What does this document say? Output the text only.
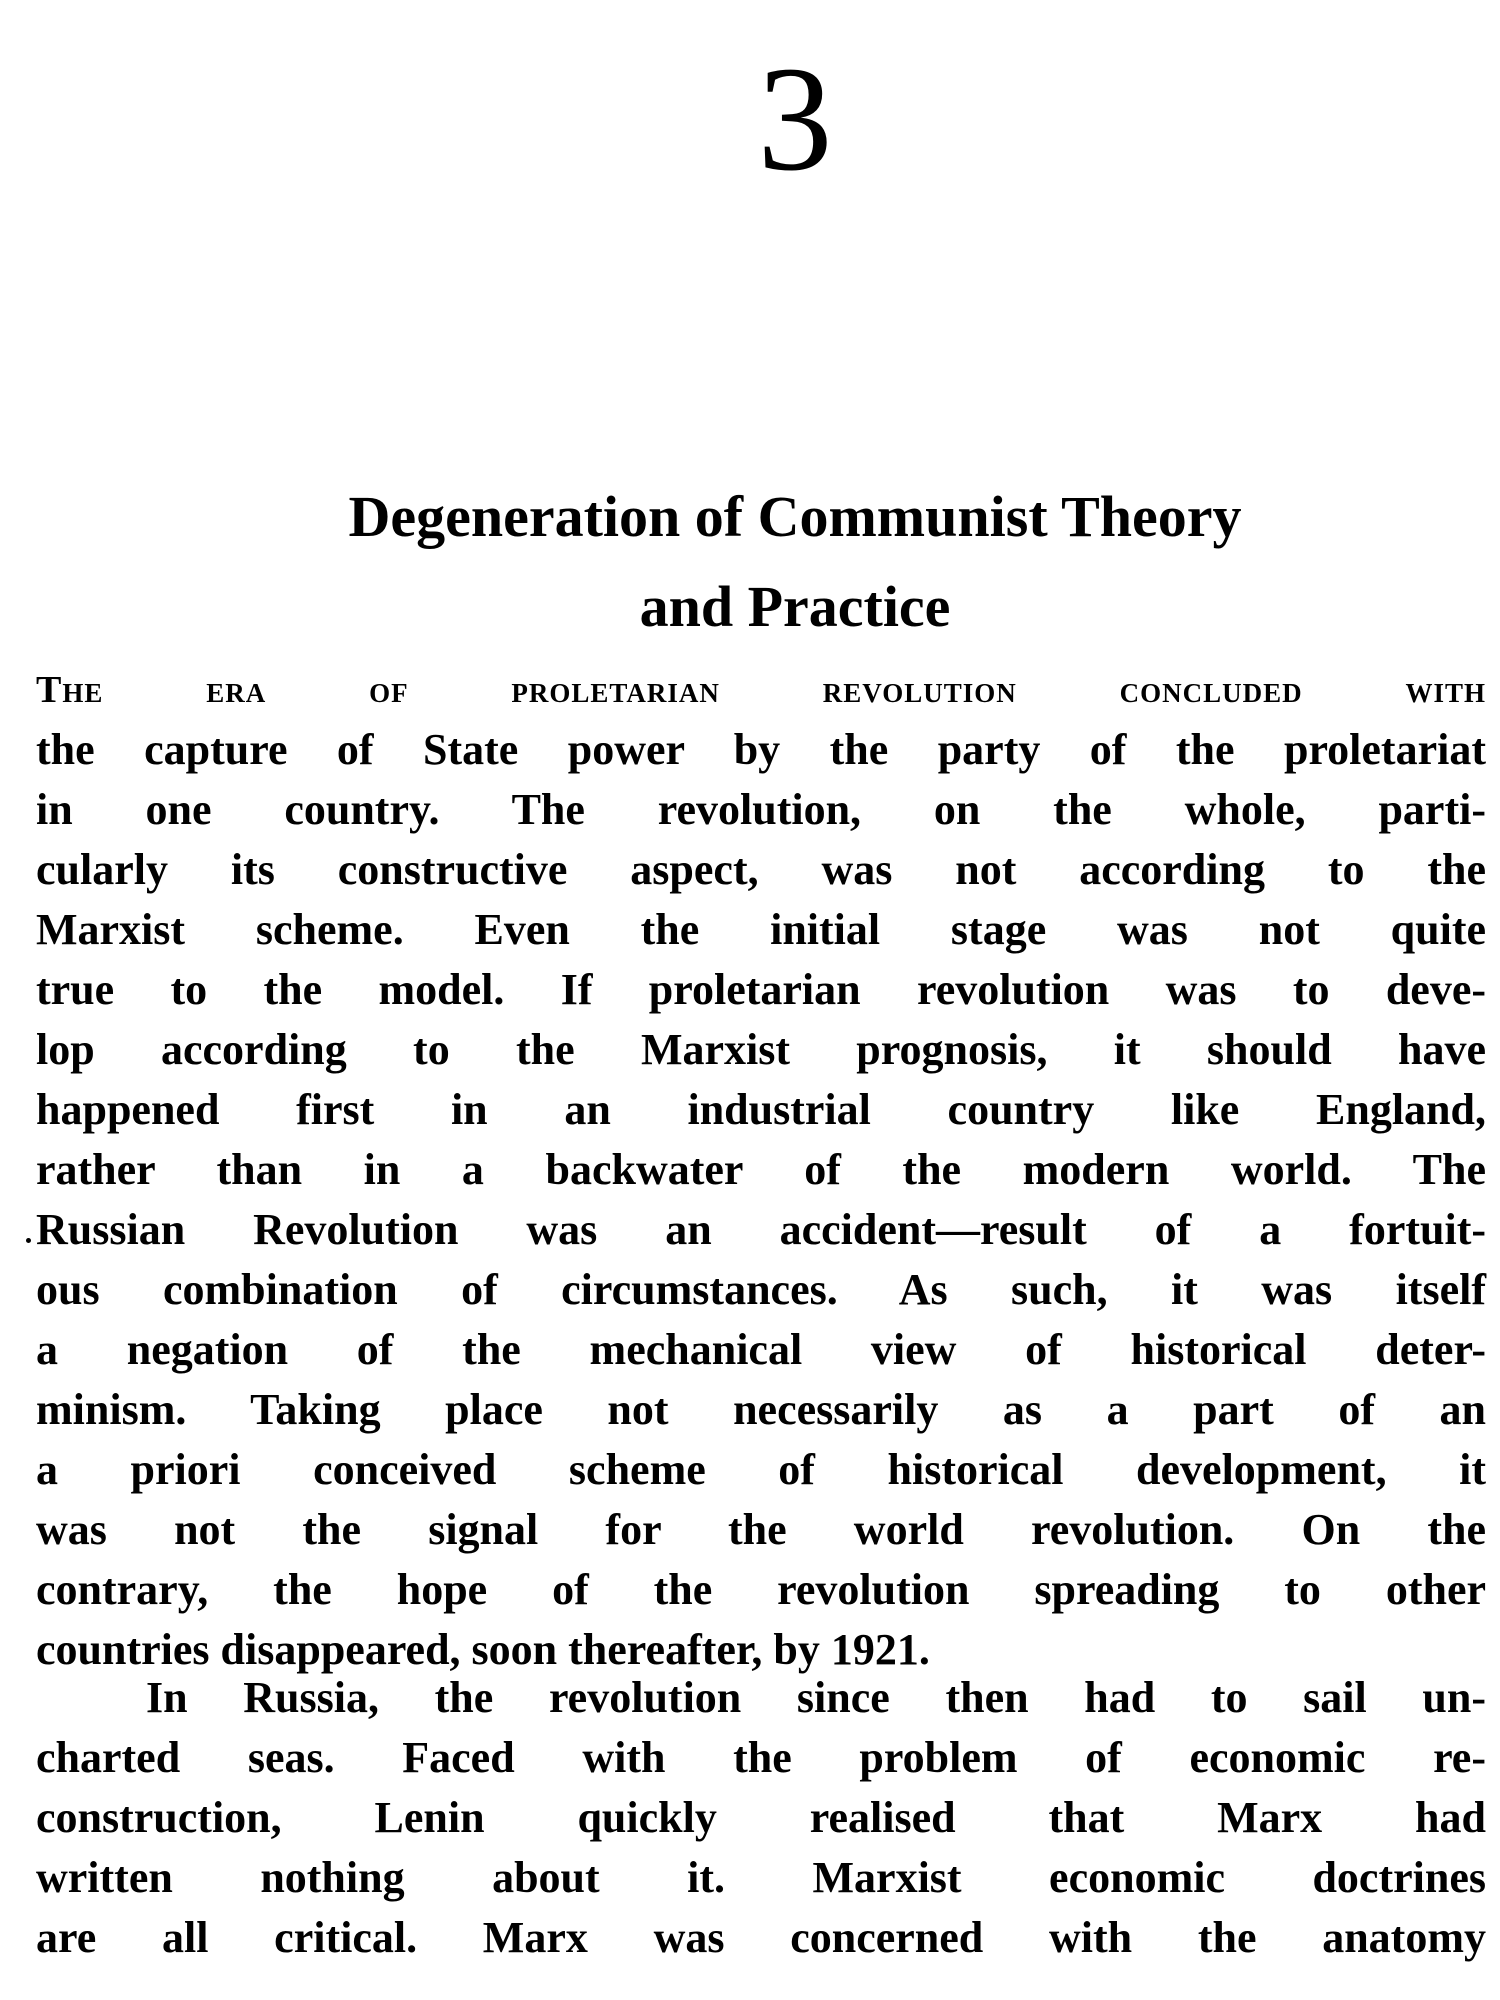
3
Degeneration of Communist Theory
and Practice
The era of proletarian revolution concluded with
the capture of State power by the party of the proletariat
in one country. The revolution, on the whole, parti-
cularly its constructive aspect, was not according to the
Marxist scheme. Even the initial stage was not quite
true to the model. If proletarian revolution was to deve-
lop according to the Marxist prognosis, it should have
happened first in an industrial country like England,
rather than in a backwater of the modern world. The
Russian Revolution was an accident—result of a fortuit-
ous combination of circumstances. As such, it was itself
a negation of the mechanical view of historical deter-
minism. Taking place not necessarily as a part of an
a priori conceived scheme of historical development, it
was not the signal for the world revolution. On the
contrary, the hope of the revolution spreading to other
countries disappeared, soon thereafter, by 1921.
In Russia, the revolution since then had to sail un-
charted seas. Faced with the problem of economic re-
construction, Lenin quickly realised that Marx had
written nothing about it. Marxist economic doctrines
are all critical. Marx was concerned with the anatomy
